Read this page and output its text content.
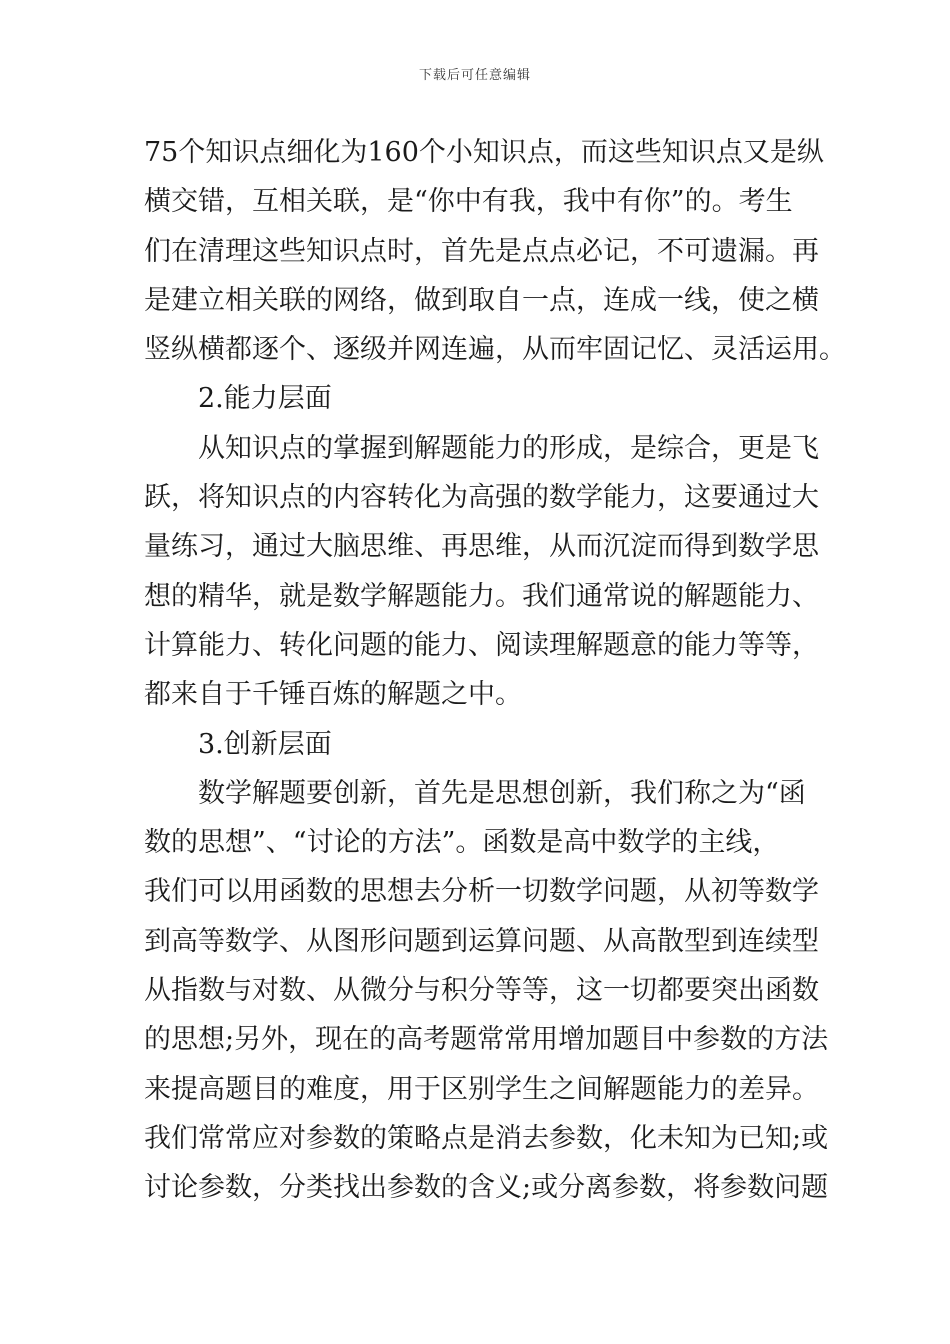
下载后可任意编辑
75个知识点细化为160个小知识点，而这些知识点又是纵
横交错，互相关联，是“你中有我，我中有你”的。考生
们在清理这些知识点时，首先是点点必记，不可遗漏。再
是建立相关联的网络，做到取自一点，连成一线，使之横
竖纵横都逐个、逐级并网连遍，从而牢固记忆、灵活运用。
2.能力层面
从知识点的掌握到解题能力的形成，是综合，更是飞
跃，将知识点的内容转化为高强的数学能力，这要通过大
量练习，通过大脑思维、再思维，从而沉淀而得到数学思
想的精华，就是数学解题能力。我们通常说的解题能力、
计算能力、转化问题的能力、阅读理解题意的能力等等，
都来自于千锤百炼的解题之中。
3.创新层面
数学解题要创新，首先是思想创新，我们称之为“函
数的思想”、“讨论的方法”。函数是高中数学的主线，
我们可以用函数的思想去分析一切数学问题，从初等数学
到高等数学、从图形问题到运算问题、从高散型到连续型
从指数与对数、从微分与积分等等，这一切都要突出函数
的思想;另外，现在的高考题常常用增加题目中参数的方法
来提高题目的难度，用于区别学生之间解题能力的差异。
我们常常应对参数的策略点是消去参数，化未知为已知;或
讨论参数，分类找出参数的含义;或分离参数，将参数问题
